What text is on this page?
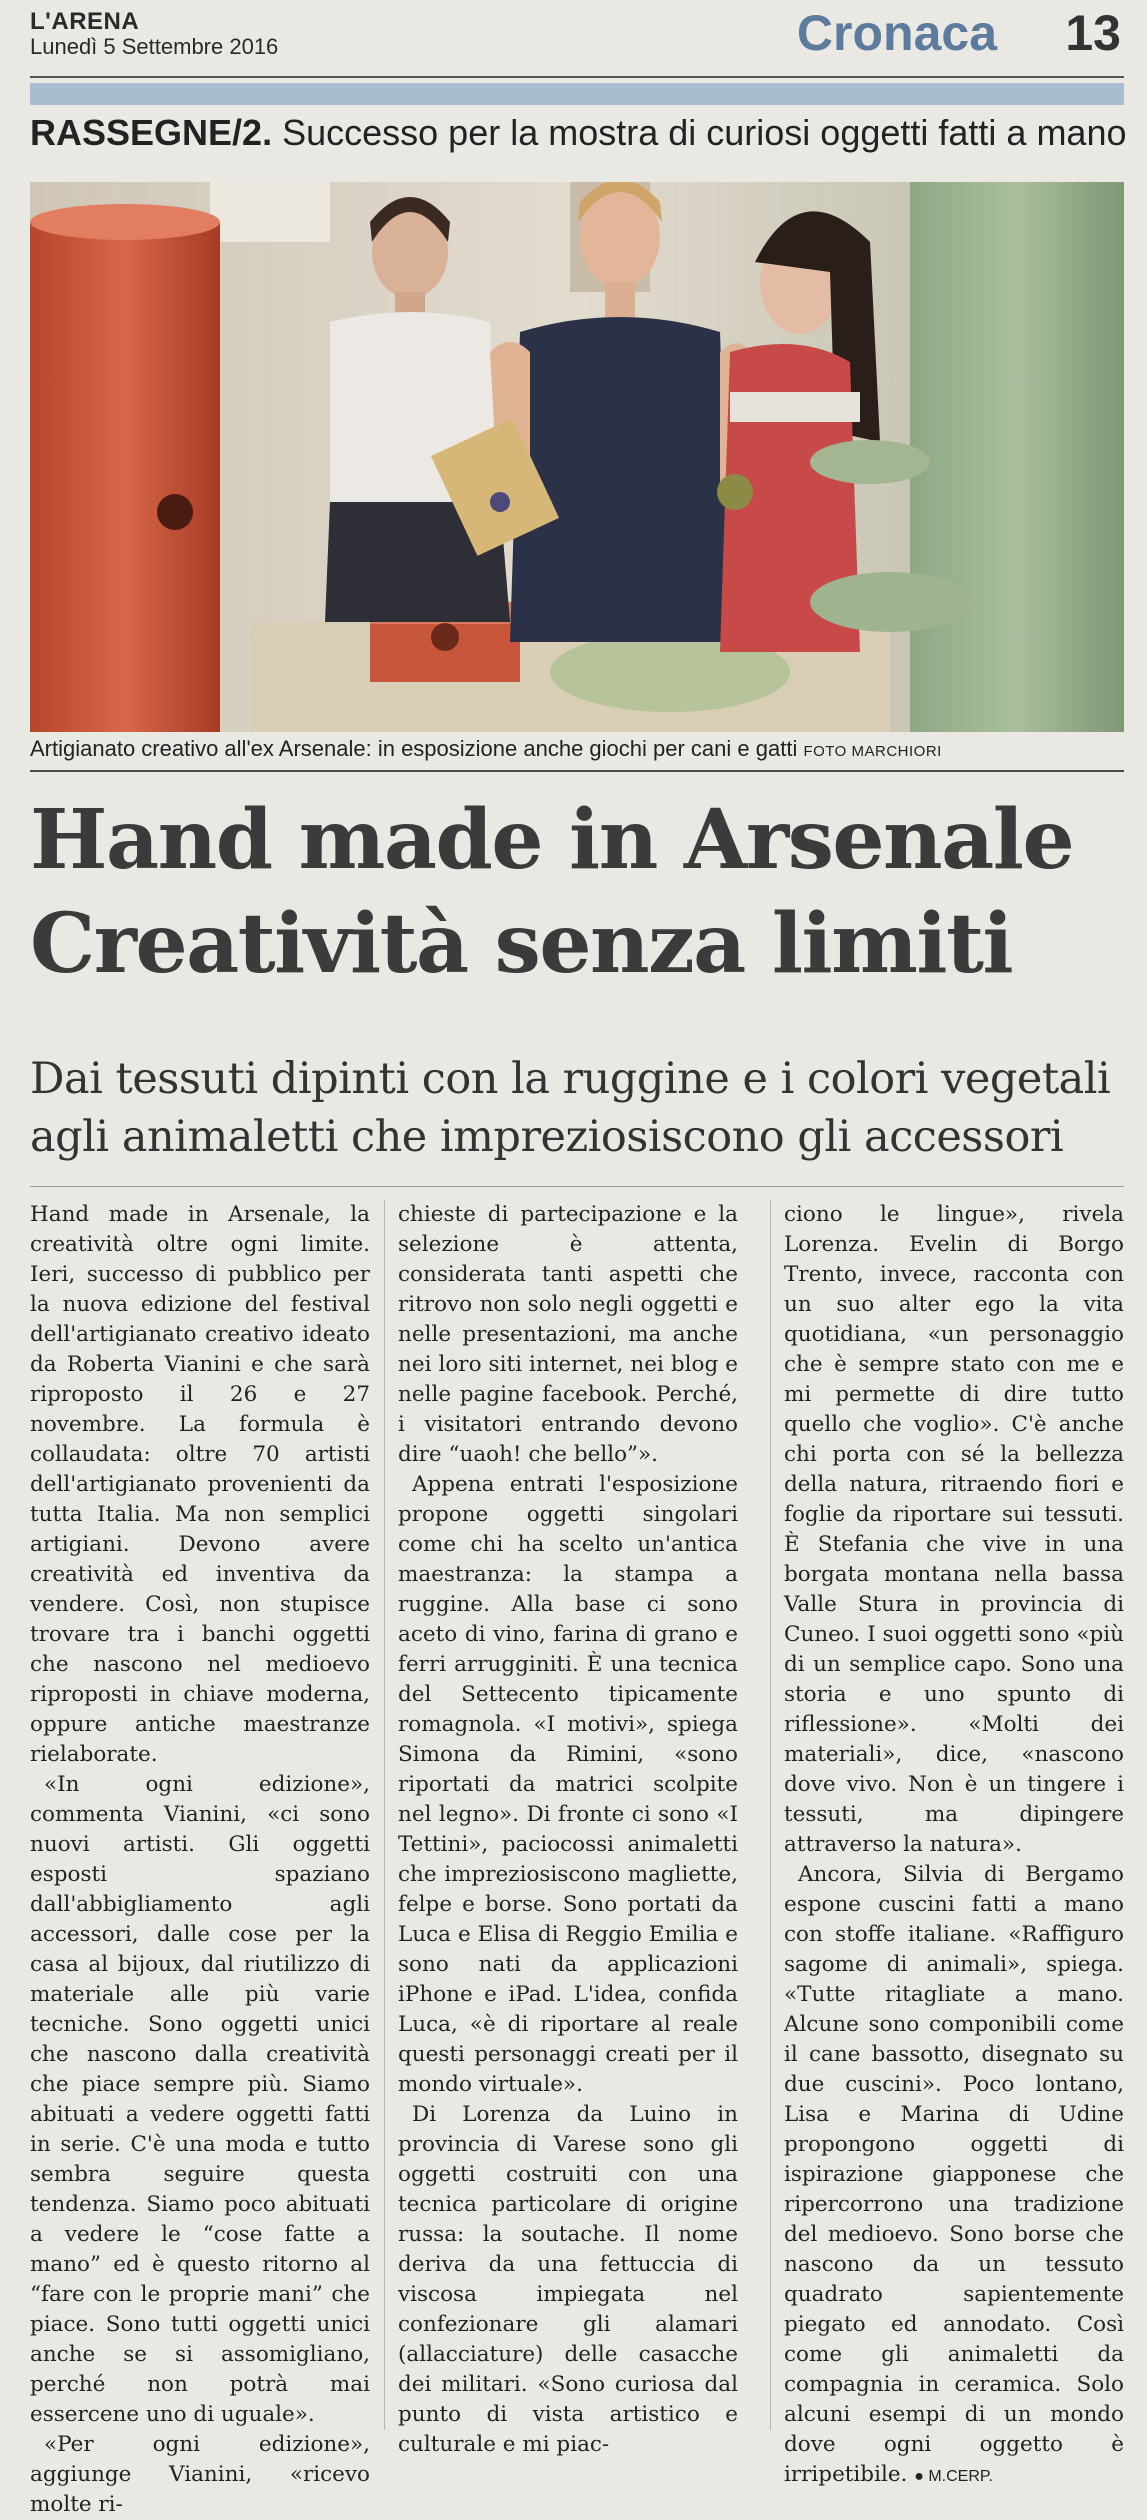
L'ARENA
Lunedì 5 Settembre 2016	Cronaca 13
RASSEGNE/2. Successo per la mostra di curiosi oggetti fatti a mano
Artigianato creativo all'ex Arsenale: in esposizione anche giochi per cani e gatti FOTO MARCHIORI
Hand made in Arsenale
Creatività senza limiti
Dai tessuti dipinti con la ruggine e i colori vegetali
agli animaletti che impreziosiscono gli accessori

Hand made in Arsenale, la creatività oltre ogni limite. Ieri, successo di pubblico per la nuova edizione del festival dell'artigianato creativo ideato da Roberta Vianini e che sarà riproposto il 26 e 27 novembre. La formula è collaudata: oltre 70 artisti dell'artigianato provenienti da tutta Italia. Ma non semplici artigiani. Devono avere creatività ed inventiva da vendere. Così, non stupisce trovare tra i banchi oggetti che nascono nel medioevo riproposti in chiave moderna, oppure antiche maestranze rielaborate.

«In ogni edizione», commenta Vianini, «ci sono nuovi artisti. Gli oggetti esposti spaziano dall'abbigliamento agli accessori, dalle cose per la casa al bijoux, dal riutilizzo di materiale alle più varie tecniche. Sono oggetti unici che nascono dalla creatività che piace sempre più. Siamo abituati a vedere oggetti fatti in serie. C'è una moda e tutto sembra seguire questa tendenza. Siamo poco abituati a vedere le “cose fatte a mano” ed è questo ritorno al “fare con le proprie mani” che piace. Sono tutti oggetti unici anche se si assomigliano, perché non potrà mai essercene uno di uguale».

«Per ogni edizione», aggiunge Vianini, «ricevo molte ri-

chieste di partecipazione e la selezione è attenta, considerata tanti aspetti che ritrovo non solo negli oggetti e nelle presentazioni, ma anche nei loro siti internet, nei blog e nelle pagine facebook. Perché, i visitatori entrando devono dire “uaoh! che bello”».

Appena entrati l'esposizione propone oggetti singolari come chi ha scelto un'antica maestranza: la stampa a ruggine. Alla base ci sono aceto di vino, farina di grano e ferri arrugginiti. È una tecnica del Settecento tipicamente romagnola. «I motivi», spiega Simona da Rimini, «sono riportati da matrici scolpite nel legno». Di fronte ci sono «I Tettini», paciocossi animaletti che impreziosiscono magliette, felpe e borse. Sono portati da Luca e Elisa di Reggio Emilia e sono nati da applicazioni iPhone e iPad. L'idea, confida Luca, «è di riportare al reale questi personaggi creati per il mondo virtuale».

Di Lorenza da Luino in provincia di Varese sono gli oggetti costruiti con una tecnica particolare di origine russa: la soutache. Il nome deriva da una fettuccia di viscosa impiegata nel confezionare gli alamari (allacciature) delle casacche dei militari. «Sono curiosa dal punto di vista artistico e culturale e mi piac-

ciono le lingue», rivela Lorenza. Evelin di Borgo Trento, invece, racconta con un suo alter ego la vita quotidiana, «un personaggio che è sempre stato con me e mi permette di dire tutto quello che voglio». C'è anche chi porta con sé la bellezza della natura, ritraendo fiori e foglie da riportare sui tessuti. È Stefania che vive in una borgata montana nella bassa Valle Stura in provincia di Cuneo. I suoi oggetti sono «più di un semplice capo. Sono una storia e uno spunto di riflessione». «Molti dei materiali», dice, «nascono dove vivo. Non è un tingere i tessuti, ma dipingere attraverso la natura».

Ancora, Silvia di Bergamo espone cuscini fatti a mano con stoffe italiane. «Raffiguro sagome di animali», spiega. «Tutte ritagliate a mano. Alcune sono componibili come il cane bassotto, disegnato su due cuscini». Poco lontano, Lisa e Marina di Udine propongono oggetti di ispirazione giapponese che ripercorrono una tradizione del medioevo. Sono borse che nascono da un tessuto quadrato sapientemente piegato ed annodato. Così come gli animaletti da compagnia in ceramica. Solo alcuni esempi di un mondo dove ogni oggetto è irripetibile. ● M.CERP.
